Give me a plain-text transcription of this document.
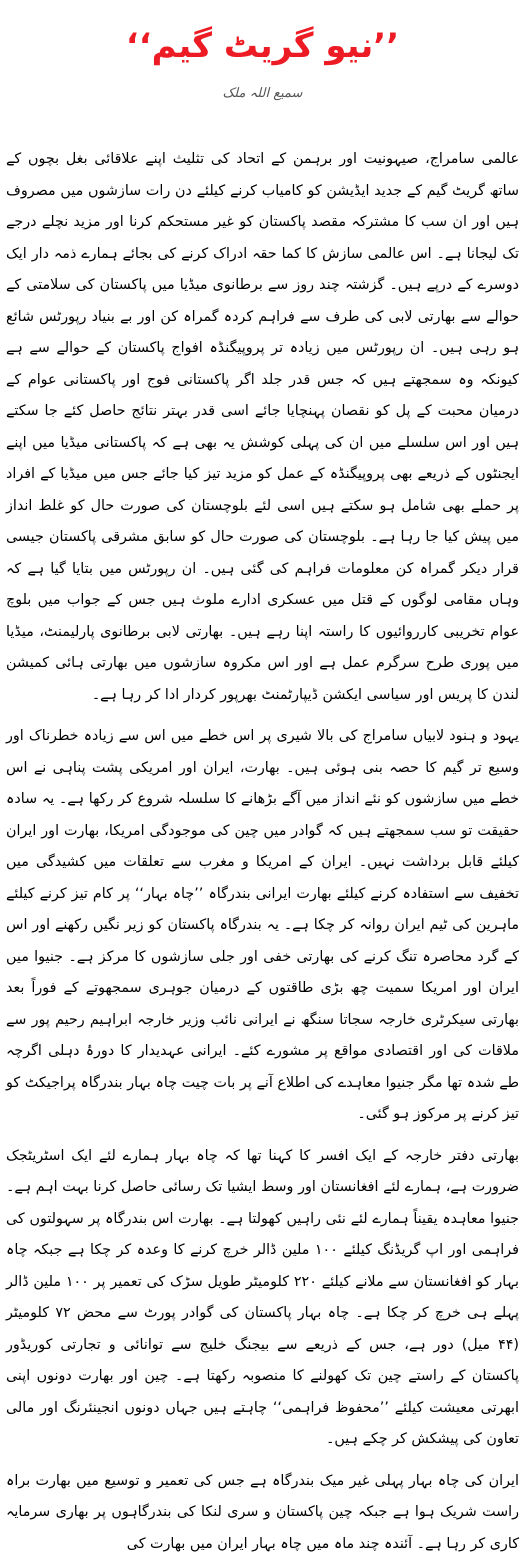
’’نیو گریٹ گیم‘‘
سمیع اللہ ملک

عالمی سامراج، صیہونیت اور برہمن کے اتحاد کی تثلیث اپنے علاقائی بغل بچوں کے ساتھ گریٹ گیم کے جدید ایڈیشن کو کامیاب کرنے کیلئے دن رات سازشوں میں مصروف ہیں اور ان سب کا مشترکہ مقصد پاکستان کو غیر مستحکم کرنا اور مزید نچلے درجے تک لیجانا ہے۔ اس عالمی سازش کا کما حقہ ادراک کرنے کی بجائے ہمارے ذمہ دار ایک دوسرے کے درپے ہیں۔ گزشتہ چند روز سے برطانوی میڈیا میں پاکستان کی سلامتی کے حوالے سے بھارتی لابی کی طرف سے فراہم کردہ گمراہ کن اور بے بنیاد رپورٹس شائع ہو رہی ہیں۔ ان رپورٹس میں زیادہ تر پروپیگنڈہ افواج پاکستان کے حوالے سے ہے کیونکہ وہ سمجھتے ہیں کہ جس قدر جلد اگر پاکستانی فوج اور پاکستانی عوام کے درمیان محبت کے پل کو نقصان پہنچایا جائے اسی قدر بہتر نتائج حاصل کئے جا سکتے ہیں اور اس سلسلے میں ان کی پہلی کوشش یہ بھی ہے کہ پاکستانی میڈیا میں اپنے ایجنٹوں کے ذریعے بھی پروپیگنڈہ کے عمل کو مزید تیز کیا جائے جس میں میڈیا کے افراد پر حملے بھی شامل ہو سکتے ہیں اسی لئے بلوچستان کی صورت حال کو غلط انداز میں پیش کیا جا رہا ہے۔ بلوچستان کی صورت حال کو سابق مشرقی پاکستان جیسی قرار دیکر گمراہ کن معلومات فراہم کی گئی ہیں۔ ان رپورٹس میں بتایا گیا ہے کہ وہاں مقامی لوگوں کے قتل میں عسکری ادارے ملوث ہیں جس کے جواب میں بلوچ عوام تخریبی کارروائیوں کا راستہ اپنا رہے ہیں۔ بھارتی لابی برطانوی پارلیمنٹ، میڈیا میں پوری طرح سرگرم عمل ہے اور اس مکروہ سازشوں میں بھارتی ہائی کمیشن لندن کا پریس اور سیاسی ایکشن ڈیپارٹمنٹ بھرپور کردار ادا کر رہا ہے۔

یہود و ہنود لابیاں سامراج کی بالا شیری پر اس خطے میں اس سے زیادہ خطرناک اور وسیع تر گیم کا حصہ بنی ہوئی ہیں۔ بھارت، ایران اور امریکی پشت پناہی نے اس خطے میں سازشوں کو نئے انداز میں آگے بڑھانے کا سلسلہ شروع کر رکھا ہے۔ یہ سادہ حقیقت تو سب سمجھتے ہیں کہ گوادر میں چین کی موجودگی امریکا، بھارت اور ایران کیلئے قابل برداشت نہیں۔ ایران کے امریکا و مغرب سے تعلقات میں کشیدگی میں تخفیف سے استفادہ کرنے کیلئے بھارت ایرانی بندرگاہ ’’چاہ بہار‘‘ پر کام تیز کرنے کیلئے ماہرین کی ٹیم ایران روانہ کر چکا ہے۔ یہ بندرگاہ پاکستان کو زیر نگیں رکھنے اور اس کے گرد محاصرہ تنگ کرنے کی بھارتی خفی اور جلی سازشوں کا مرکز ہے۔ جنیوا میں ایران اور امریکا سمیت چھ بڑی طاقتوں کے درمیان جوہری سمجھوتے کے فوراً بعد بھارتی سیکرٹری خارجہ سجاتا سنگھ نے ایرانی نائب وزیر خارجہ ابراہیم رحیم پور سے ملاقات کی اور اقتصادی مواقع پر مشورے کئے۔ ایرانی عہدیدار کا دورۂ دہلی اگرچہ طے شدہ تھا مگر جنیوا معاہدے کی اطلاع آنے پر بات چیت چاہ بہار بندرگاہ پراجیکٹ کو تیز کرنے پر مرکوز ہو گئی۔

بھارتی دفتر خارجہ کے ایک افسر کا کہنا تھا کہ چاہ بہار ہمارے لئے ایک اسٹریٹجک ضرورت ہے، ہمارے لئے افغانستان اور وسط ایشیا تک رسائی حاصل کرنا بہت اہم ہے۔ جنیوا معاہدہ یقیناً ہمارے لئے نئی راہیں کھولتا ہے۔ بھارت اس بندرگاہ پر سہولتوں کی فراہمی اور اپ گریڈنگ کیلئے ۱۰۰ ملین ڈالر خرچ کرنے کا وعدہ کر چکا ہے جبکہ چاہ بہار کو افغانستان سے ملانے کیلئے ۲۲۰ کلومیٹر طویل سڑک کی تعمیر پر ۱۰۰ ملین ڈالر پہلے ہی خرچ کر چکا ہے۔ چاہ بہار پاکستان کی گوادر پورٹ سے محض ۷۲ کلومیٹر (۴۴ میل) دور ہے، جس کے ذریعے سے بیجنگ خلیج سے توانائی و تجارتی کوریڈور پاکستان کے راستے چین تک کھولنے کا منصوبہ رکھتا ہے۔ چین اور بھارت دونوں اپنی ابھرتی معیشت کیلئے ’’محفوظ فراہمی‘‘ چاہتے ہیں جہاں دونوں انجینئرنگ اور مالی تعاون کی پیشکش کر چکے ہیں۔

ایران کی چاہ بہار پہلی غیر میک بندرگاہ ہے جس کی تعمیر و توسیع میں بھارت براہ راست شریک ہوا ہے جبکہ چین پاکستان و سری لنکا کی بندرگاہوں پر بھاری سرمایہ کاری کر رہا ہے۔ آئندہ چند ماہ میں چاہ بہار ایران میں بھارت کی
